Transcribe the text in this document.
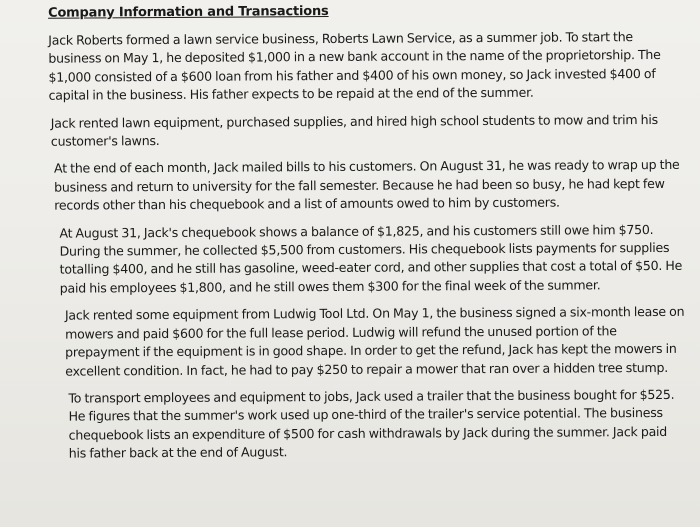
Company Information and Transactions

Jack Roberts formed a lawn service business, Roberts Lawn Service, as a summer job. To start the business on May 1, he deposited $1,000 in a new bank account in the name of the proprietorship. The $1,000 consisted of a $600 loan from his father and $400 of his own money, so Jack invested $400 of capital in the business. His father expects to be repaid at the end of the summer.

Jack rented lawn equipment, purchased supplies, and hired high school students to mow and trim his customer's lawns.

At the end of each month, Jack mailed bills to his customers. On August 31, he was ready to wrap up the business and return to university for the fall semester. Because he had been so busy, he had kept few records other than his chequebook and a list of amounts owed to him by customers.

At August 31, Jack's chequebook shows a balance of $1,825, and his customers still owe him $750. During the summer, he collected $5,500 from customers. His chequebook lists payments for supplies totalling $400, and he still has gasoline, weed-eater cord, and other supplies that cost a total of $50. He paid his employees $1,800, and he still owes them $300 for the final week of the summer.

Jack rented some equipment from Ludwig Tool Ltd. On May 1, the business signed a six-month lease on mowers and paid $600 for the full lease period. Ludwig will refund the unused portion of the prepayment if the equipment is in good shape. In order to get the refund, Jack has kept the mowers in excellent condition. In fact, he had to pay $250 to repair a mower that ran over a hidden tree stump.

To transport employees and equipment to jobs, Jack used a trailer that the business bought for $525. He figures that the summer's work used up one-third of the trailer's service potential. The business chequebook lists an expenditure of $500 for cash withdrawals by Jack during the summer. Jack paid his father back at the end of August.
